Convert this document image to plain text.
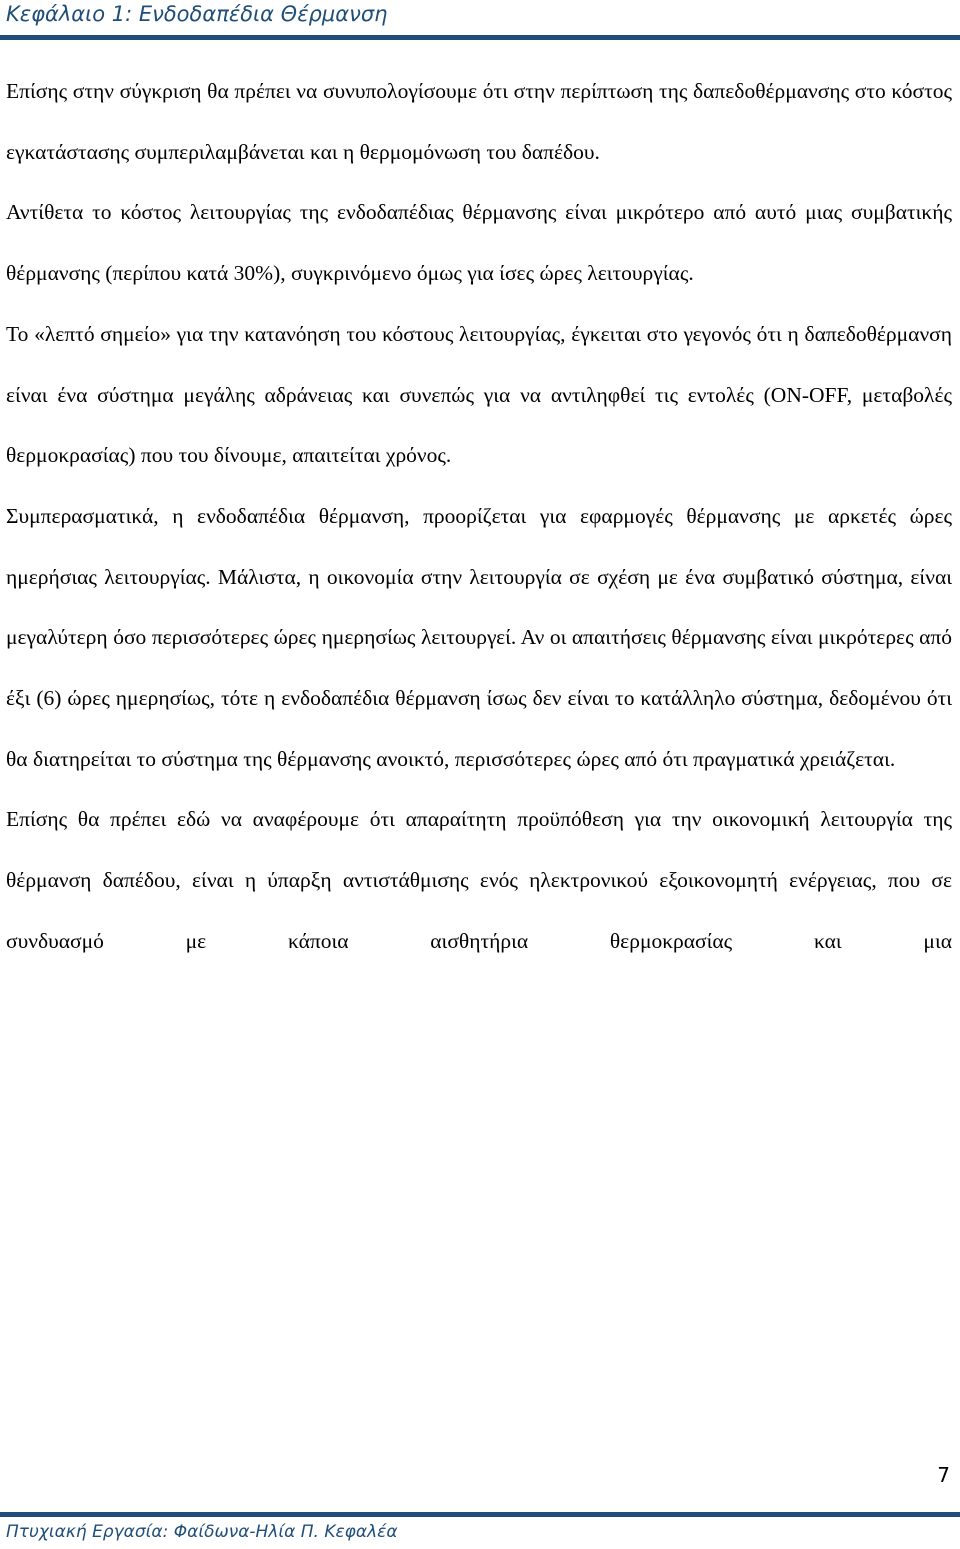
Κεφάλαιο 1: Ενδοδαπέδια Θέρμανση

Επίσης στην σύγκριση θα πρέπει να συνυπολογίσουμε ότι στην περίπτωση της δαπεδοθέρμανσης στο κόστος εγκατάστασης συμπεριλαμβάνεται και η θερμομόνωση του δαπέδου.

Αντίθετα το κόστος λειτουργίας της ενδοδαπέδιας θέρμανσης είναι μικρότερο από αυτό μιας συμβατικής θέρμανσης (περίπου κατά 30%), συγκρινόμενο όμως για ίσες ώρες λειτουργίας.

Το «λεπτό σημείο» για την κατανόηση του κόστους λειτουργίας, έγκειται στο γεγονός ότι η δαπεδοθέρμανση είναι ένα σύστημα μεγάλης αδράνειας και συνεπώς για να αντιληφθεί τις εντολές (ON-OFF, μεταβολές θερμοκρασίας) που του δίνουμε, απαιτείται χρόνος.

Συμπερασματικά, η ενδοδαπέδια θέρμανση, προορίζεται για εφαρμογές θέρμανσης με αρκετές ώρες ημερήσιας λειτουργίας. Μάλιστα, η οικονομία στην λειτουργία σε σχέση με ένα συμβατικό σύστημα, είναι μεγαλύτερη όσο περισσότερες ώρες ημερησίως λειτουργεί. Αν οι απαιτήσεις θέρμανσης είναι μικρότερες από έξι (6) ώρες ημερησίως, τότε η ενδοδαπέδια θέρμανση ίσως δεν είναι το κατάλληλο σύστημα, δεδομένου ότι θα διατηρείται το σύστημα της θέρμανσης ανοικτό, περισσότερες ώρες από ότι πραγματικά χρειάζεται.

Επίσης θα πρέπει εδώ να αναφέρουμε ότι απαραίτητη προϋπόθεση για την οικονομική λειτουργία της θέρμανση δαπέδου, είναι η ύπαρξη αντιστάθμισης ενός ηλεκτρονικού εξοικονομητή ενέργειας, που σε συνδυασμό με κάποια αισθητήρια θερμοκρασίας και μια

7
Πτυχιακή Εργασία: Φαίδωνα-Ηλία Π. Κεφαλέα
